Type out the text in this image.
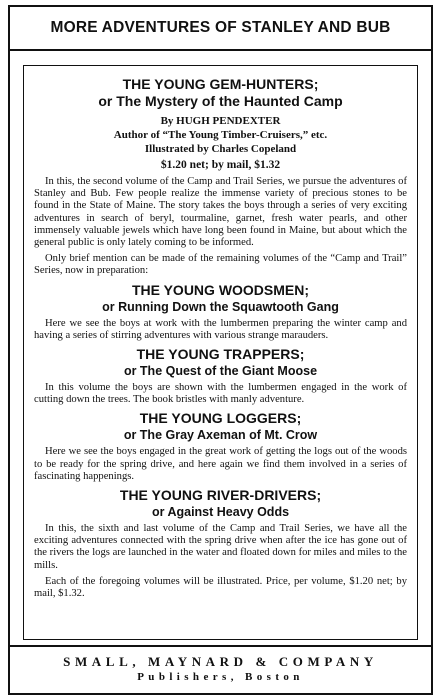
MORE ADVENTURES OF STANLEY AND BUB
THE YOUNG GEM-HUNTERS;
or The Mystery of the Haunted Camp
By HUGH PENDEXTER
Author of “The Young Timber-Cruisers,” etc.
Illustrated by Charles Copeland
$1.20 net; by mail, $1.32

In this, the second volume of the Camp and Trail Series, we pursue the adventures of Stanley and Bub. Few people realize the immense variety of precious stones to be found in the State of Maine. The story takes the boys through a series of very exciting adventures in search of beryl, tourmaline, garnet, fresh water pearls, and other immensely valuable jewels which have long been found in Maine, but about which the general public is only lately coming to be informed.

Only brief mention can be made of the remaining volumes of the “Camp and Trail” Series, now in preparation:

THE YOUNG WOODSMEN;
or Running Down the Squawtooth Gang

Here we see the boys at work with the lumbermen preparing the winter camp and having a series of stirring adventures with various strange marauders.

THE YOUNG TRAPPERS;
or The Quest of the Giant Moose

In this volume the boys are shown with the lumbermen engaged in the work of cutting down the trees. The book bristles with manly adventure.

THE YOUNG LOGGERS;
or The Gray Axeman of Mt. Crow

Here we see the boys engaged in the great work of getting the logs out of the woods to be ready for the spring drive, and here again we find them involved in a series of fascinating happenings.

THE YOUNG RIVER-DRIVERS;
or Against Heavy Odds

In this, the sixth and last volume of the Camp and Trail Series, we have all the exciting adventures connected with the spring drive when after the ice has gone out of the rivers the logs are launched in the water and floated down for miles and miles to the mills.

Each of the foregoing volumes will be illustrated. Price, per volume, $1.20 net; by mail, $1.32.

SMALL, MAYNARD & COMPANY
Publishers, Boston
